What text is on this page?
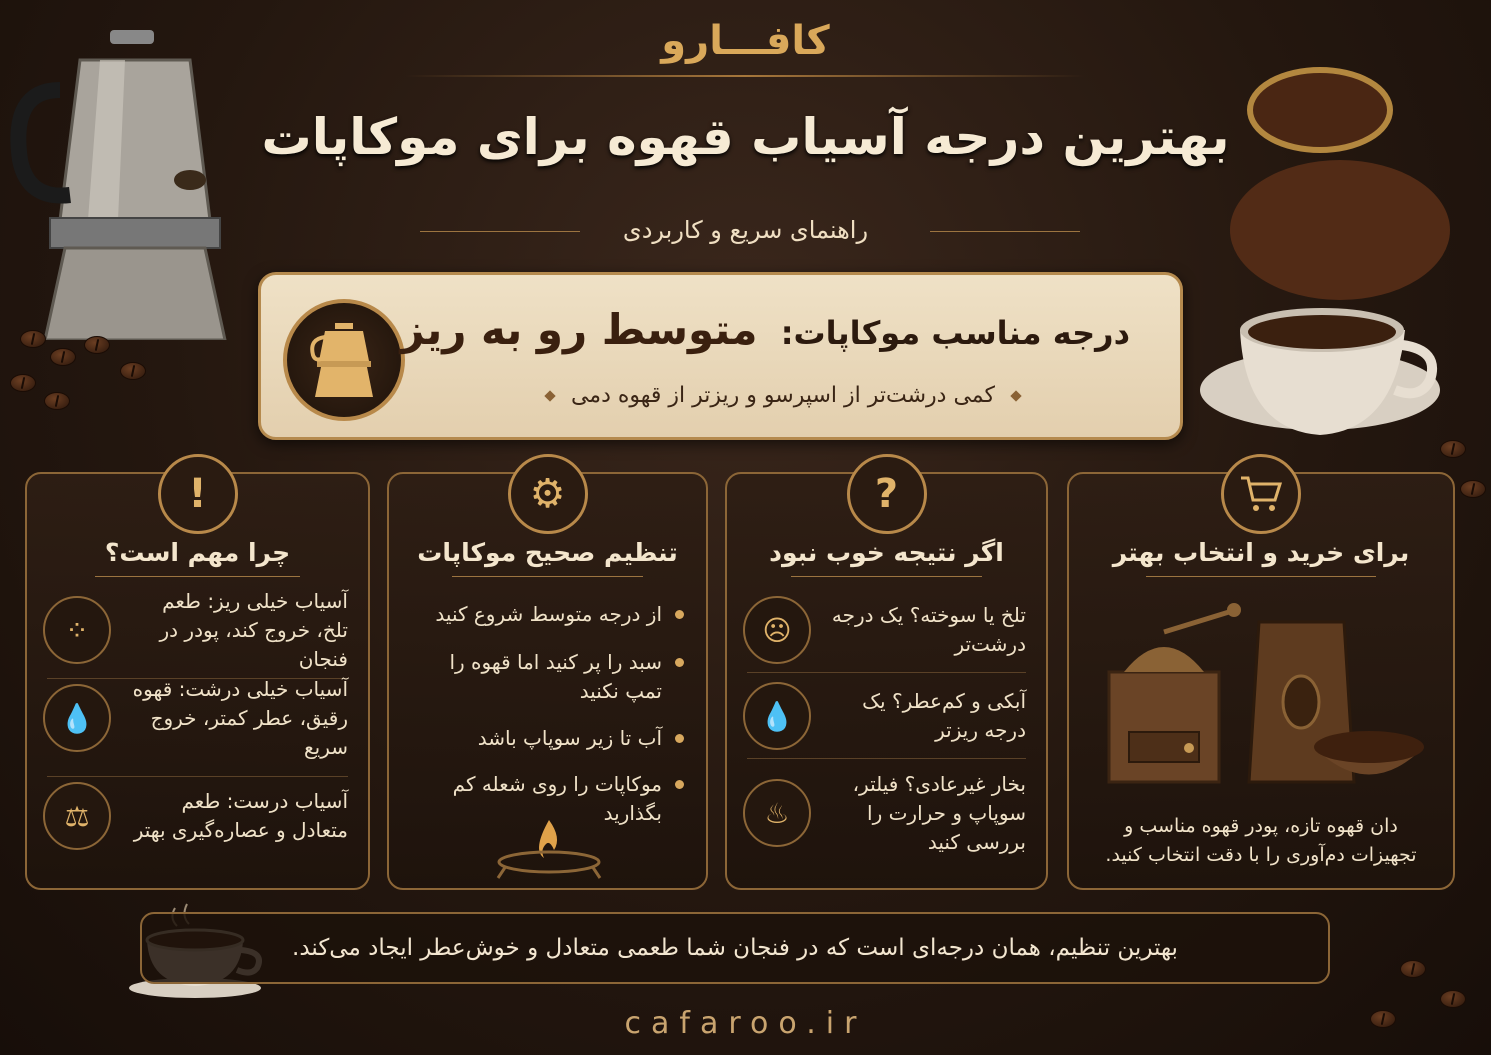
کافـــارو
بهترین درجه آسیاب قهوه برای موکاپات
راهنمای سریع و کاربردی
درجه مناسب موکاپات: متوسط رو به ریز
کمی درشت‌تر از اسپرسو و ریزتر از قهوه دمی
برای خرید و انتخاب بهتر
دان قهوه تازه، پودر قهوه مناسب و تجهیزات دم‌آوری را با دقت انتخاب کنید.
?
اگر نتیجه خوب نبود
تلخ یا سوخته؟ یک درجه درشت‌تر
☹
آبکی و کم‌عطر؟ یک درجه ریزتر
💧
بخار غیرعادی؟ فیلتر، سوپاپ و حرارت را بررسی کنید
♨
⚙
تنظیم صحیح موکاپات
از درجه متوسط شروع کنید
سبد را پر کنید اما قهوه را تمپ نکنید
آب تا زیر سوپاپ باشد
موکاپات را روی شعله کم بگذارید
!
چرا مهم است؟
آسیاب خیلی ریز: طعم تلخ، خروج کند، پودر در فنجان
⁘
آسیاب خیلی درشت: قهوه رقیق، عطر کمتر، خروج سریع
💧
آسیاب درست: طعم متعادل و عصاره‌گیری بهتر
⚖
بهترین تنظیم، همان درجه‌ای است که در فنجان شما طعمی متعادل و خوش‌عطر ایجاد می‌کند.
cafaroo.ir
